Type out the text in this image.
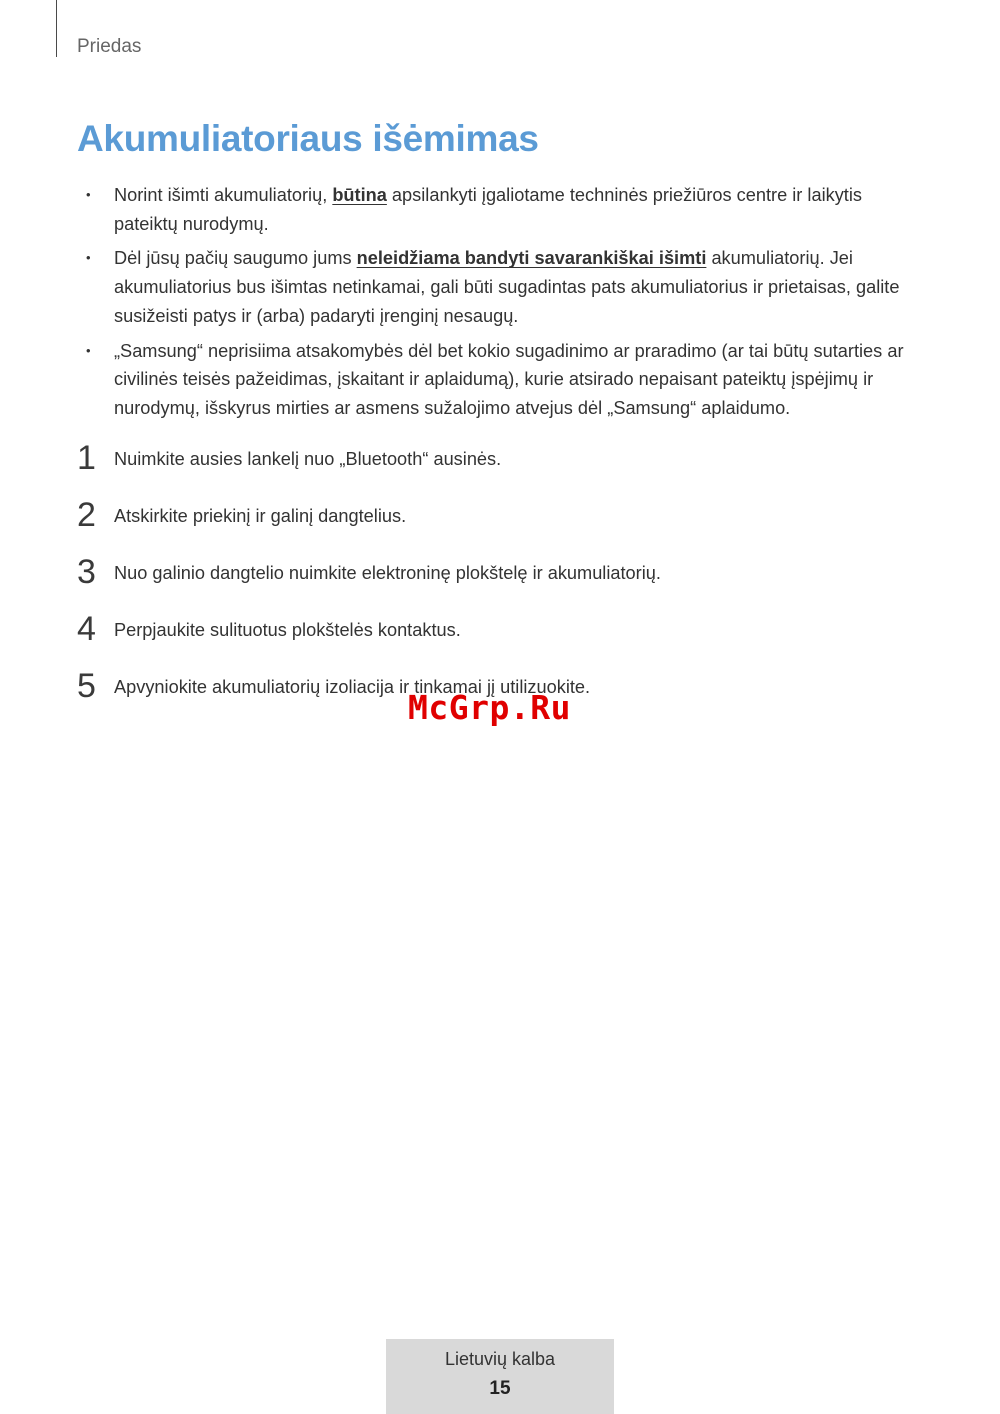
Priedas
Akumuliatoriaus išėmimas
• Norint išimti akumuliatorių, būtina apsilankyti įgaliotame techninės priežiūros centre ir laikytis pateiktų nurodymų.
• Dėl jūsų pačių saugumo jums neleidžiama bandyti savarankiškai išimti akumuliatorių. Jei akumuliatorius bus išimtas netinkamai, gali būti sugadintas pats akumuliatorius ir prietaisas, galite susižeisti patys ir (arba) padaryti įrenginį nesaugų.
• „Samsung“ neprisiima atsakomybės dėl bet kokio sugadinimo ar praradimo (ar tai būtų sutarties ar civilinės teisės pažeidimas, įskaitant ir aplaidumą), kurie atsirado nepaisant pateiktų įspėjimų ir nurodymų, išskyrus mirties ar asmens sužalojimo atvejus dėl „Samsung“ aplaidumo.
1 Nuimkite ausies lankelį nuo „Bluetooth“ ausinės.
2 Atskirkite priekinį ir galinį dangtelius.
3 Nuo galinio dangtelio nuimkite elektroninę plokštelę ir akumuliatorių.
4 Perpjaukite sulituotus plokštelės kontaktus.
5 Apvyniokite akumuliatorių izoliacija ir tinkamai jį utilizuokite.
McGrp.Ru
Lietuvių kalba
15
